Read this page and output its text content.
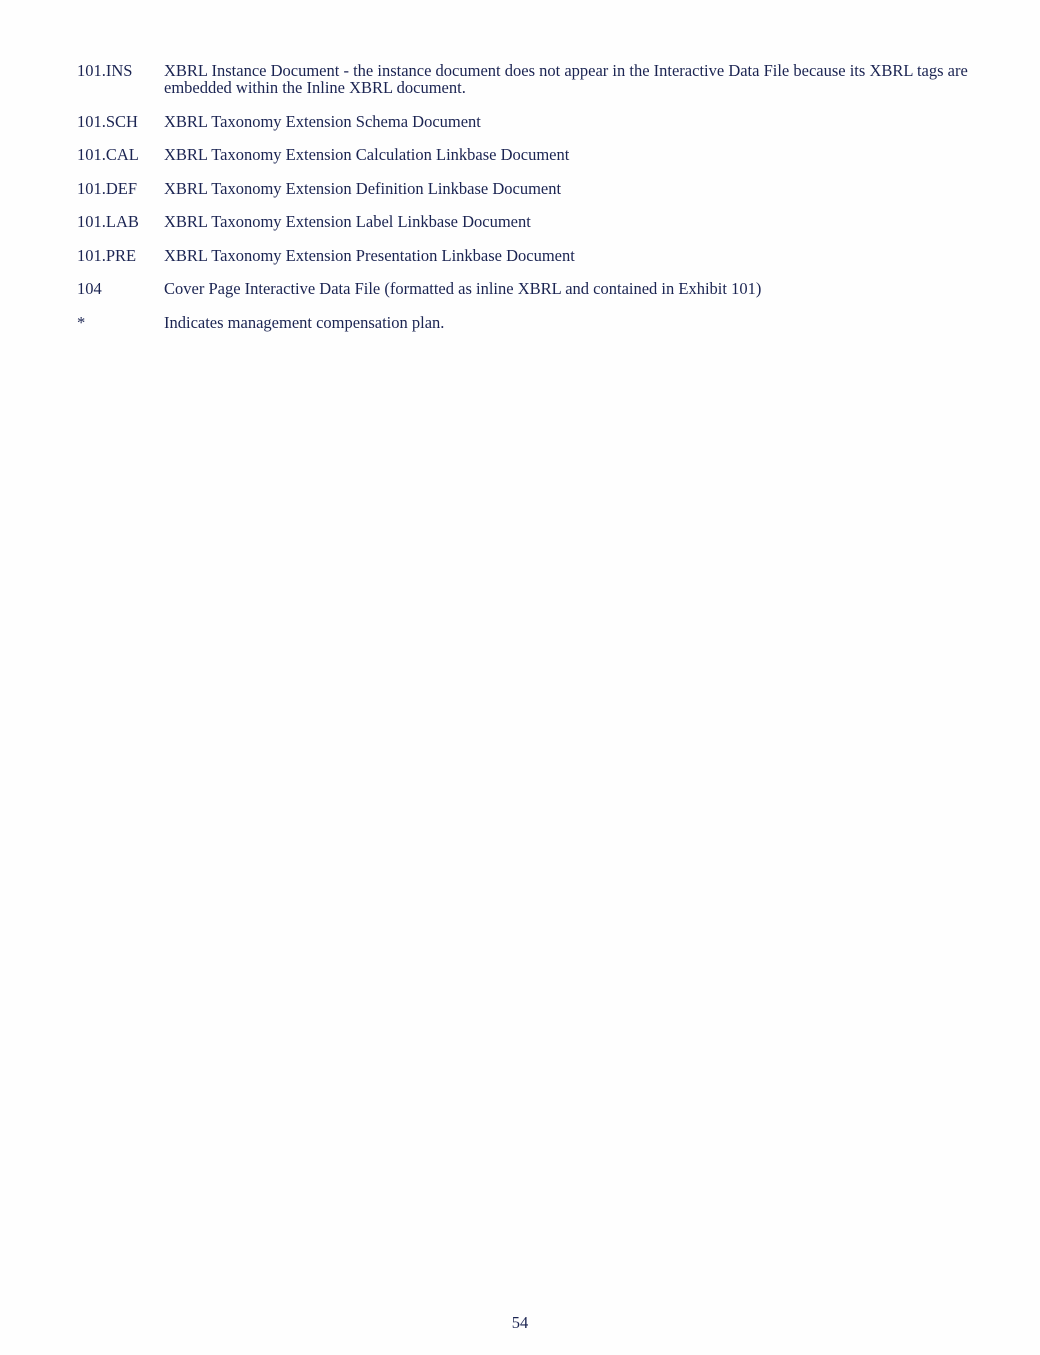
101.INS	XBRL Instance Document - the instance document does not appear in the Interactive Data File because its XBRL tags are embedded within the Inline XBRL document.
101.SCH	XBRL Taxonomy Extension Schema Document
101.CAL	XBRL Taxonomy Extension Calculation Linkbase Document
101.DEF	XBRL Taxonomy Extension Definition Linkbase Document
101.LAB	XBRL Taxonomy Extension Label Linkbase Document
101.PRE	XBRL Taxonomy Extension Presentation Linkbase Document
104	Cover Page Interactive Data File (formatted as inline XBRL and contained in Exhibit 101)
*	Indicates management compensation plan.
54
